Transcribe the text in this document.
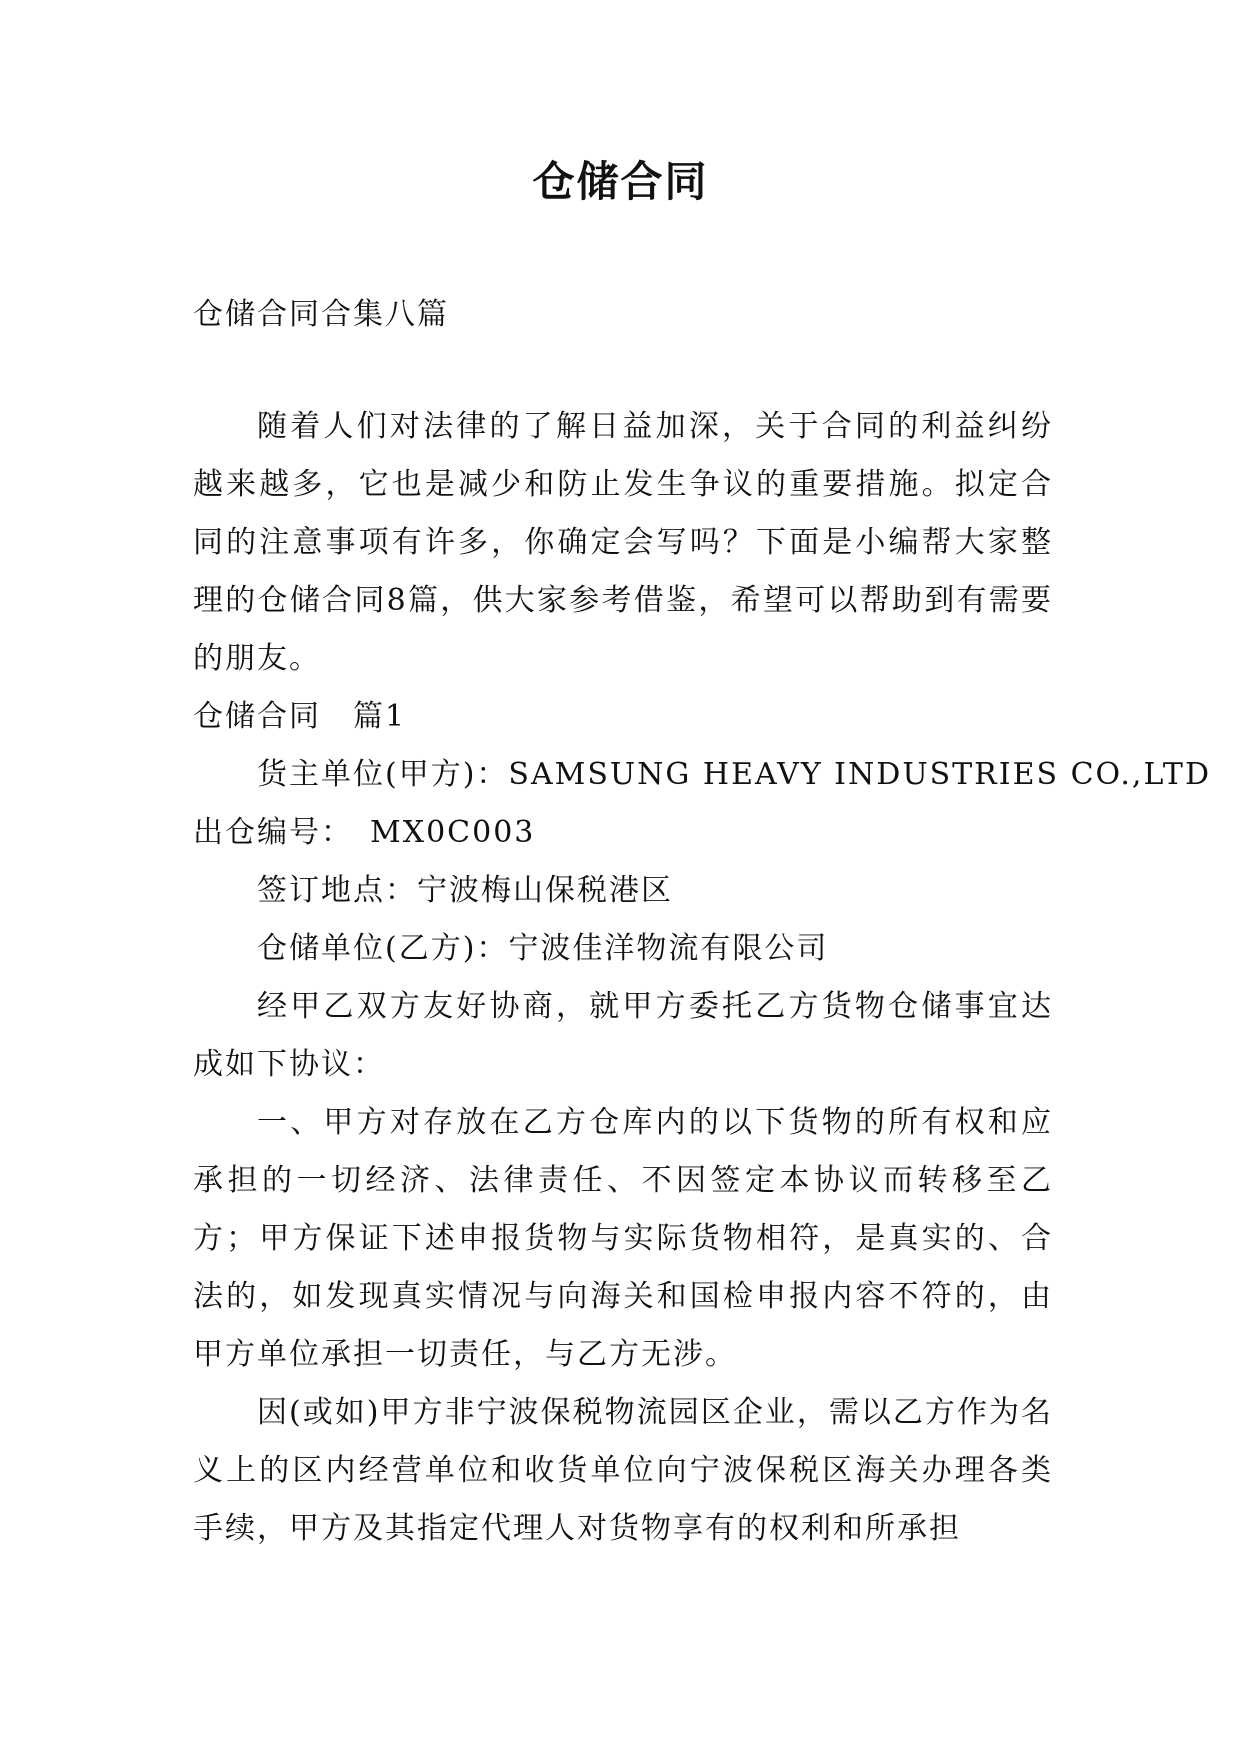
仓储合同

仓储合同合集八篇

随着人们对法律的了解日益加深，关于合同的利益纠纷越来越多，它也是减少和防止发生争议的重要措施。拟定合同的注意事项有许多，你确定会写吗？下面是小编帮大家整理的仓储合同8篇，供大家参考借鉴，希望可以帮助到有需要的朋友。

仓储合同　篇1

货主单位(甲方)：SAMSUNG HEAVY INDUSTRIES CO.,LTD

出仓编号：　MX0C003

签订地点：宁波梅山保税港区

仓储单位(乙方)：宁波佳洋物流有限公司

经甲乙双方友好协商，就甲方委托乙方货物仓储事宜达成如下协议：

一、甲方对存放在乙方仓库内的以下货物的所有权和应承担的一切经济、法律责任、不因签定本协议而转移至乙方；甲方保证下述申报货物与实际货物相符，是真实的、合法的，如发现真实情况与向海关和国检申报内容不符的，由甲方单位承担一切责任，与乙方无涉。

因(或如)甲方非宁波保税物流园区企业，需以乙方作为名义上的区内经营单位和收货单位向宁波保税区海关办理各类手续，甲方及其指定代理人对货物享有的权利和所承担
